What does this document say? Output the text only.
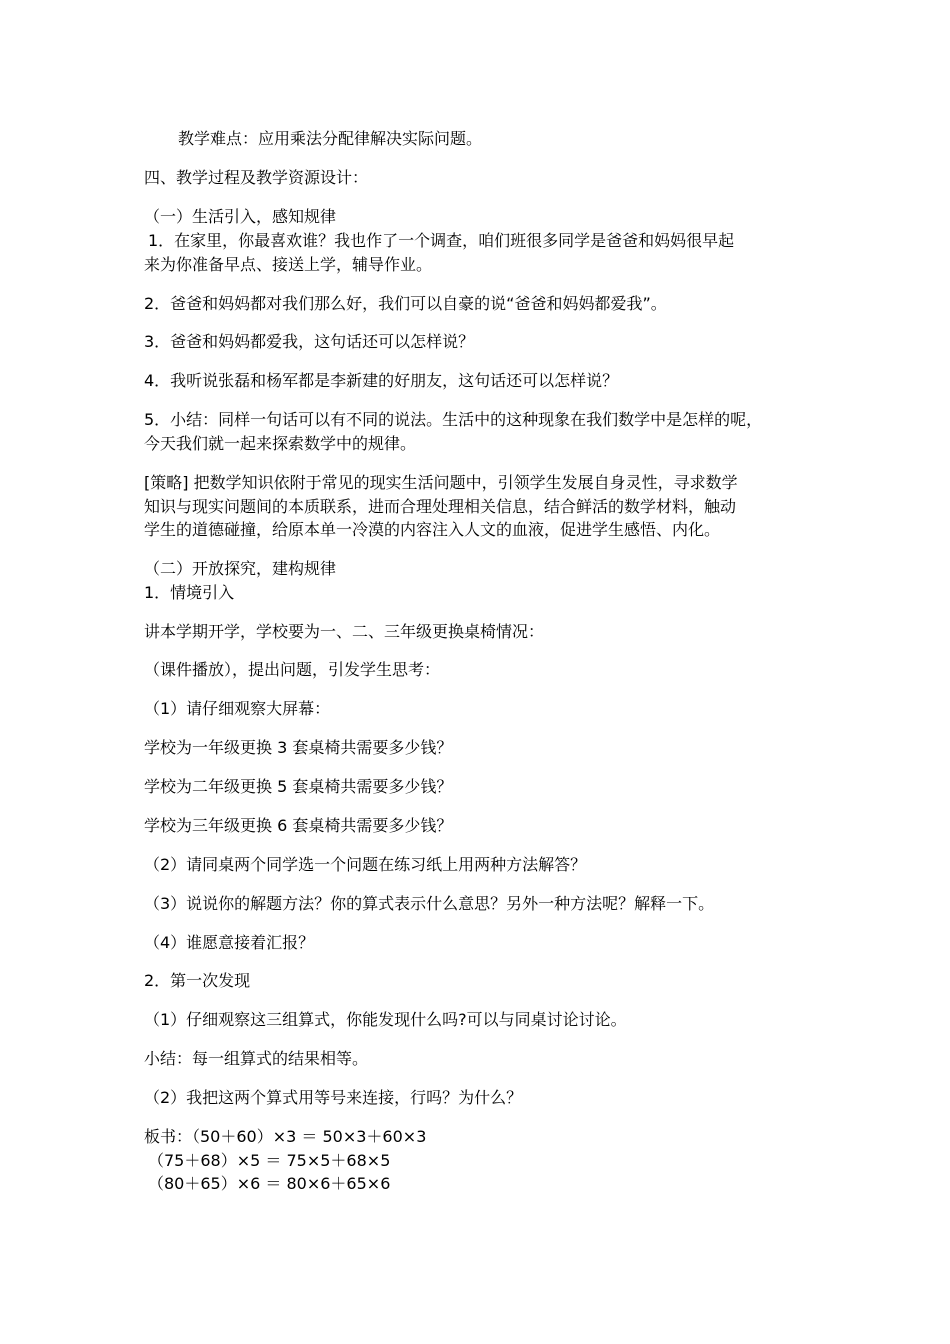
教学难点：应用乘法分配律解决实际问题。

四、教学过程及教学资源设计：

（一）生活引入，感知规律

1．在家里，你最喜欢谁？我也作了一个调查，咱们班很多同学是爸爸和妈妈很早起

来为你准备早点、接送上学，辅导作业。

2．爸爸和妈妈都对我们那么好，我们可以自豪的说“爸爸和妈妈都爱我”。

3．爸爸和妈妈都爱我，这句话还可以怎样说？

4．我听说张磊和杨军都是李新建的好朋友，这句话还可以怎样说？

5．小结：同样一句话可以有不同的说法。生活中的这种现象在我们数学中是怎样的呢，

今天我们就一起来探索数学中的规律。

[策略] 把数学知识依附于常见的现实生活问题中，引领学生发展自身灵性，寻求数学

知识与现实问题间的本质联系，进而合理处理相关信息，结合鲜活的数学材料，触动

学生的道德碰撞，给原本单一冷漠的内容注入人文的血液，促进学生感悟、内化。

（二）开放探究，建构规律

1．情境引入

讲本学期开学，学校要为一、二、三年级更换桌椅情况：

（课件播放），提出问题，引发学生思考：

（1）请仔细观察大屏幕：

学校为一年级更换 3 套桌椅共需要多少钱？

学校为二年级更换 5 套桌椅共需要多少钱？

学校为三年级更换 6 套桌椅共需要多少钱？

（2）请同桌两个同学选一个问题在练习纸上用两种方法解答？

（3）说说你的解题方法？你的算式表示什么意思？另外一种方法呢？解释一下。

（4）谁愿意接着汇报？

2．第一次发现

（1）仔细观察这三组算式，你能发现什么吗?可以与同桌讨论讨论。

小结：每一组算式的结果相等。

（2）我把这两个算式用等号来连接，行吗？为什么？

板书：（50＋60）×3 ＝ 50×3＋60×3

（75＋68）×5 ＝ 75×5＋68×5

（80＋65）×6 ＝ 80×6＋65×6
